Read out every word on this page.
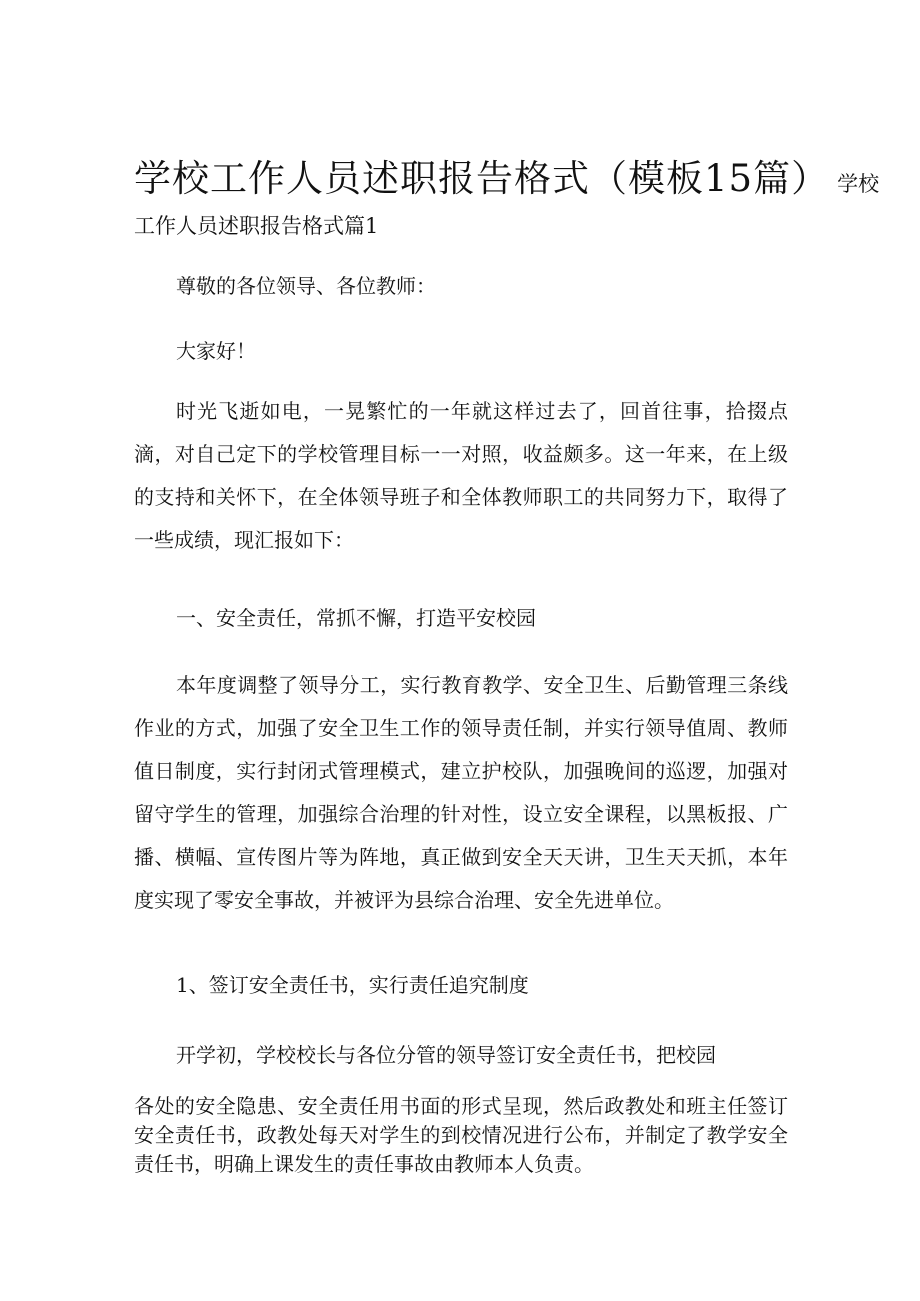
学校工作人员述职报告格式（模板15篇） 学校
工作人员述职报告格式篇1
尊敬的各位领导、各位教师：
大家好！
时光飞逝如电，一晃繁忙的一年就这样过去了，回首往事，拾掇点滴，对自己定下的学校管理目标一一对照，收益颇多。这一年来，在上级的支持和关怀下，在全体领导班子和全体教师职工的共同努力下，取得了一些成绩，现汇报如下：
一、安全责任，常抓不懈，打造平安校园
本年度调整了领导分工，实行教育教学、安全卫生、后勤管理三条线作业的方式，加强了安全卫生工作的领导责任制，并实行领导值周、教师值日制度，实行封闭式管理模式，建立护校队，加强晚间的巡逻，加强对留守学生的管理，加强综合治理的针对性，设立安全课程，以黑板报、广播、横幅、宣传图片等为阵地，真正做到安全天天讲，卫生天天抓，本年度实现了零安全事故，并被评为县综合治理、安全先进单位。
1、签订安全责任书，实行责任追究制度
开学初，学校校长与各位分管的领导签订安全责任书，把校园
各处的安全隐患、安全责任用书面的形式呈现，然后政教处和班主任签订安全责任书，政教处每天对学生的到校情况进行公布，并制定了教学安全责任书，明确上课发生的责任事故由教师本人负责。
